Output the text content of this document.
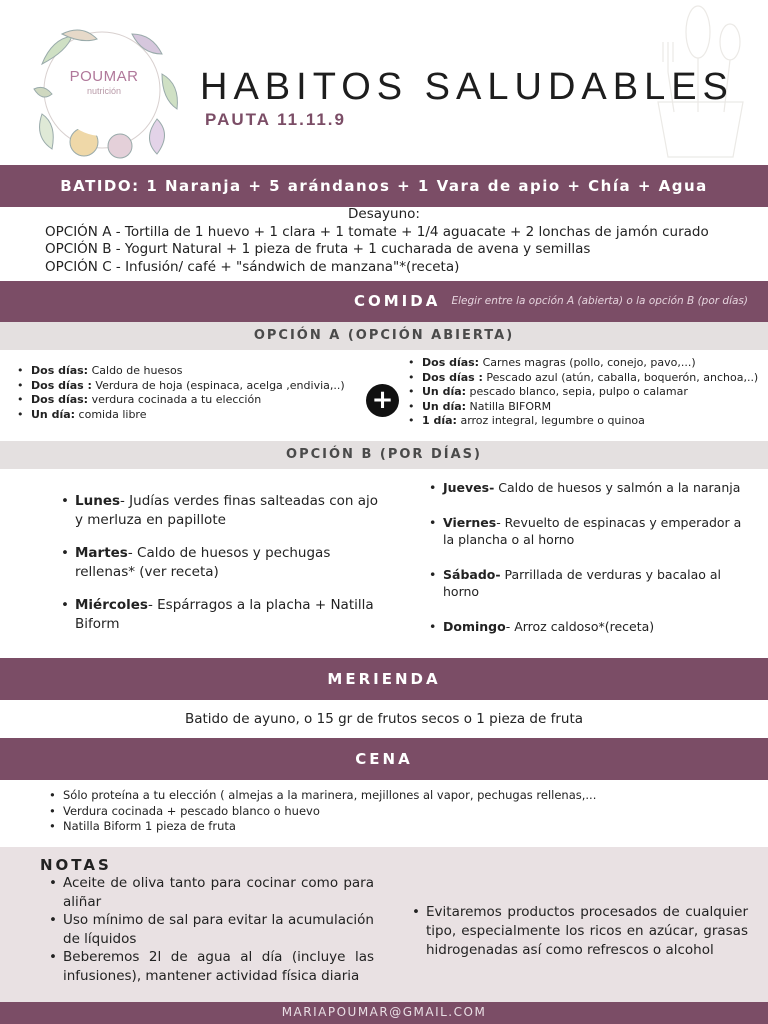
POUMAR
nutrición	HABITOS SALUDABLES
PAUTA 11.11.9
BATIDO: 1 Naranja + 5 arándanos + 1 Vara de apio + Chía + Agua
Desayuno:
OPCIÓN A - Tortilla de 1 huevo + 1 clara + 1 tomate + 1/4 aguacate + 2 lonchas de jamón curado
OPCIÓN B - Yogurt Natural + 1 pieza de fruta + 1 cucharada de avena y semillas
OPCIÓN C - Infusión/ café + "sándwich de manzana"*(receta)
COMIDA Elegir entre la opción A (abierta) o la opción B (por días)
OPCIÓN A (OPCIÓN ABIERTA)
• Dos días: Caldo de huesos
• Dos días : Verdura de hoja (espinaca, acelga ,endivia,..)
• Dos días: verdura cocinada a tu elección
• Un día: comida libre	+
• Dos días: Carnes magras (pollo, conejo, pavo,...)
• Dos días : Pescado azul (atún, caballa, boquerón, anchoa,..)
• Un día: pescado blanco, sepia, pulpo o calamar
• Un día: Natilla BIFORM
• 1 día: arroz integral, legumbre o quinoa
OPCIÓN B (POR DÍAS)
• Lunes- Judías verdes finas salteadas con ajo y merluza en papillote
• Martes- Caldo de huesos y pechugas rellenas* (ver receta)
• Miércoles- Espárragos a la placha + Natilla Biform
• Jueves- Caldo de huesos y salmón a la naranja
• Viernes- Revuelto de espinacas y emperador a la plancha o al horno
• Sábado- Parrillada de verduras y bacalao al horno
• Domingo- Arroz caldoso*(receta)
MERIENDA
Batido de ayuno, o 15 gr de frutos secos o 1 pieza de fruta
CENA
• Sólo proteína a tu elección ( almejas a la marinera, mejillones al vapor, pechugas rellenas,...
• Verdura cocinada + pescado blanco o huevo
• Natilla Biform 1 pieza de fruta
NOTAS
• Aceite de oliva tanto para cocinar como para aliñar
• Uso mínimo de sal para evitar la acumulación de líquidos
• Beberemos 2l de agua al día (incluye las infusiones), mantener actividad física diaria
• Evitaremos productos procesados de cualquier tipo, especialmente los ricos en azúcar, grasas hidrogenadas así como refrescos o alcohol
MARIAPOUMAR@GMAIL.COM
